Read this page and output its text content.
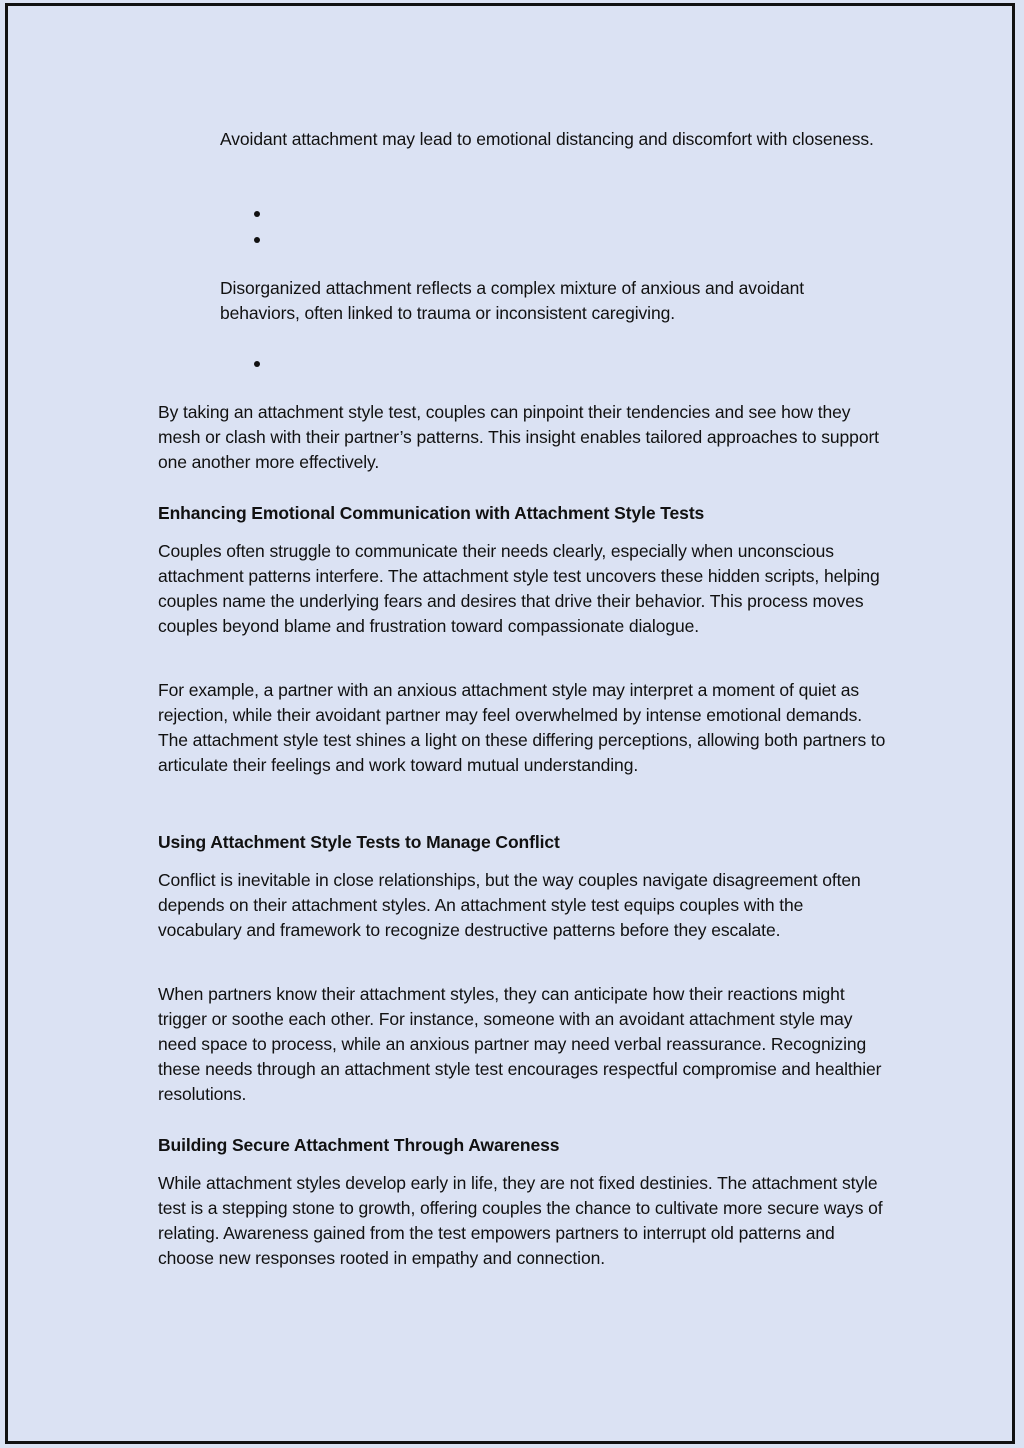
Avoidant attachment may lead to emotional distancing and discomfort with closeness.

Disorganized attachment reflects a complex mixture of anxious and avoidant behaviors, often linked to trauma or inconsistent caregiving.

By taking an attachment style test, couples can pinpoint their tendencies and see how they mesh or clash with their partner’s patterns. This insight enables tailored approaches to support one another more effectively.

Enhancing Emotional Communication with Attachment Style Tests

Couples often struggle to communicate their needs clearly, especially when unconscious attachment patterns interfere. The attachment style test uncovers these hidden scripts, helping couples name the underlying fears and desires that drive their behavior. This process moves couples beyond blame and frustration toward compassionate dialogue.

For example, a partner with an anxious attachment style may interpret a moment of quiet as rejection, while their avoidant partner may feel overwhelmed by intense emotional demands. The attachment style test shines a light on these differing perceptions, allowing both partners to articulate their feelings and work toward mutual understanding.

Using Attachment Style Tests to Manage Conflict

Conflict is inevitable in close relationships, but the way couples navigate disagreement often depends on their attachment styles. An attachment style test equips couples with the vocabulary and framework to recognize destructive patterns before they escalate.

When partners know their attachment styles, they can anticipate how their reactions might trigger or soothe each other. For instance, someone with an avoidant attachment style may need space to process, while an anxious partner may need verbal reassurance. Recognizing these needs through an attachment style test encourages respectful compromise and healthier resolutions.

Building Secure Attachment Through Awareness

While attachment styles develop early in life, they are not fixed destinies. The attachment style test is a stepping stone to growth, offering couples the chance to cultivate more secure ways of relating. Awareness gained from the test empowers partners to interrupt old patterns and choose new responses rooted in empathy and connection.
